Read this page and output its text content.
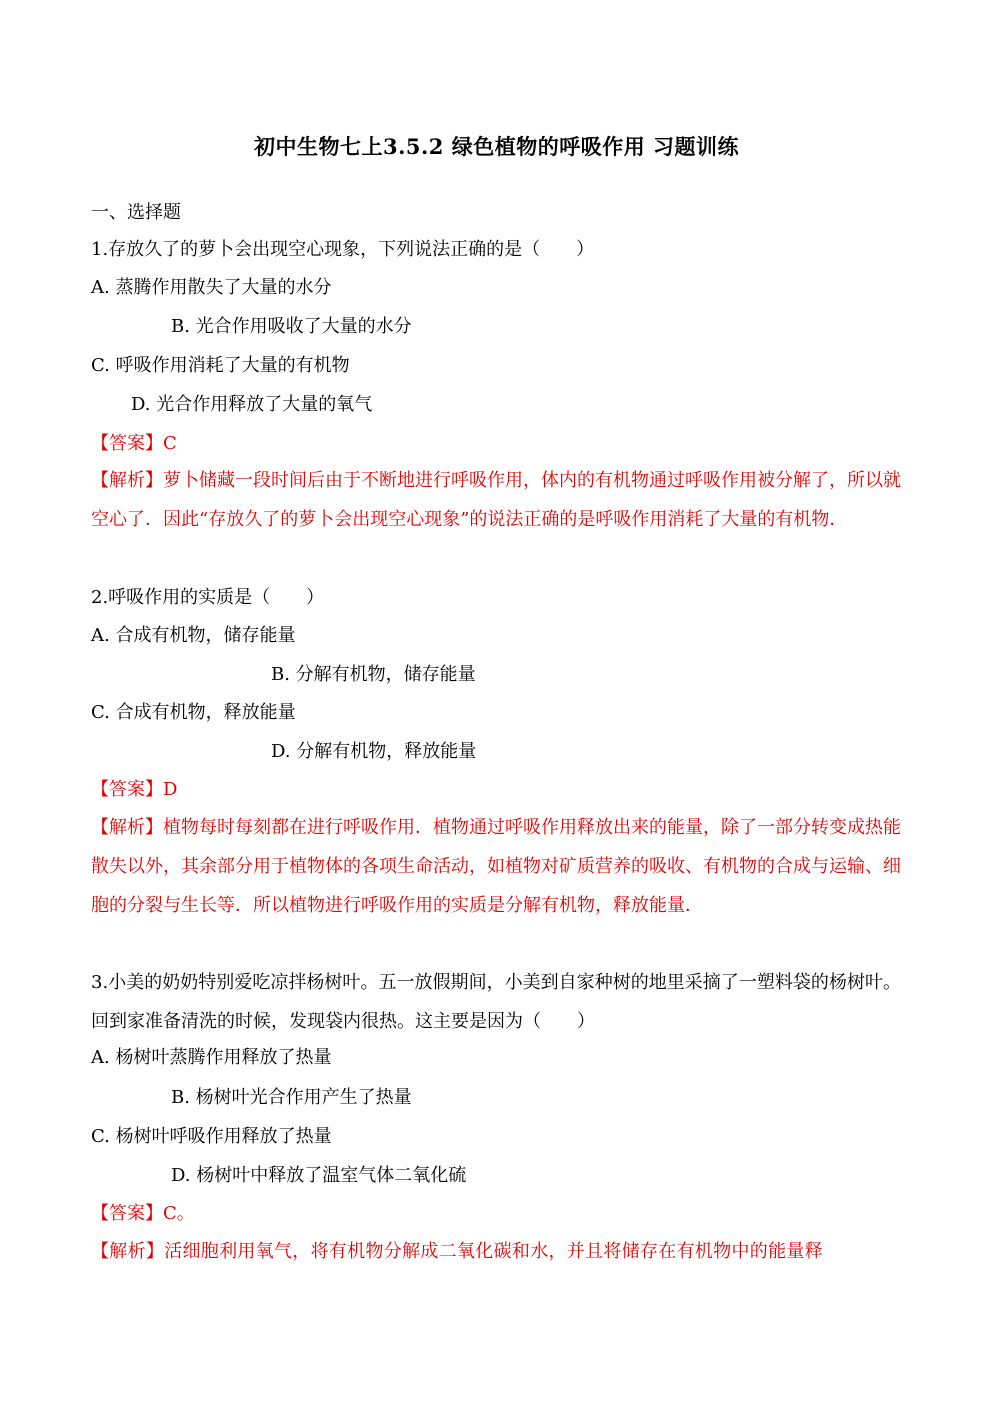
初中生物七上3.5.2 绿色植物的呼吸作用 习题训练
一、选择题
1.存放久了的萝卜会出现空心现象，下列说法正确的是（　　）
A. 蒸腾作用散失了大量的水分
B. 光合作用吸收了大量的水分
C. 呼吸作用消耗了大量的有机物
D. 光合作用释放了大量的氧气
【答案】C
【解析】萝卜储藏一段时间后由于不断地进行呼吸作用，体内的有机物通过呼吸作用被分解了，所以就空心了．因此“存放久了的萝卜会出现空心现象”的说法正确的是呼吸作用消耗了大量的有机物．
2.呼吸作用的实质是（　　）
A. 合成有机物，储存能量
B. 分解有机物，储存能量
C. 合成有机物，释放能量
D. 分解有机物，释放能量
【答案】D
【解析】植物每时每刻都在进行呼吸作用．植物通过呼吸作用释放出来的能量，除了一部分转变成热能散失以外，其余部分用于植物体的各项生命活动，如植物对矿质营养的吸收、有机物的合成与运输、细胞的分裂与生长等．所以植物进行呼吸作用的实质是分解有机物，释放能量．
3.小美的奶奶特别爱吃凉拌杨树叶。五一放假期间，小美到自家种树的地里采摘了一塑料袋的杨树叶。回到家准备清洗的时候，发现袋内很热。这主要是因为（　　）
A. 杨树叶蒸腾作用释放了热量
B. 杨树叶光合作用产生了热量
C. 杨树叶呼吸作用释放了热量
D. 杨树叶中释放了温室气体二氧化硫
【答案】C。
【解析】活细胞利用氧气，将有机物分解成二氧化碳和水，并且将储存在有机物中的能量释
